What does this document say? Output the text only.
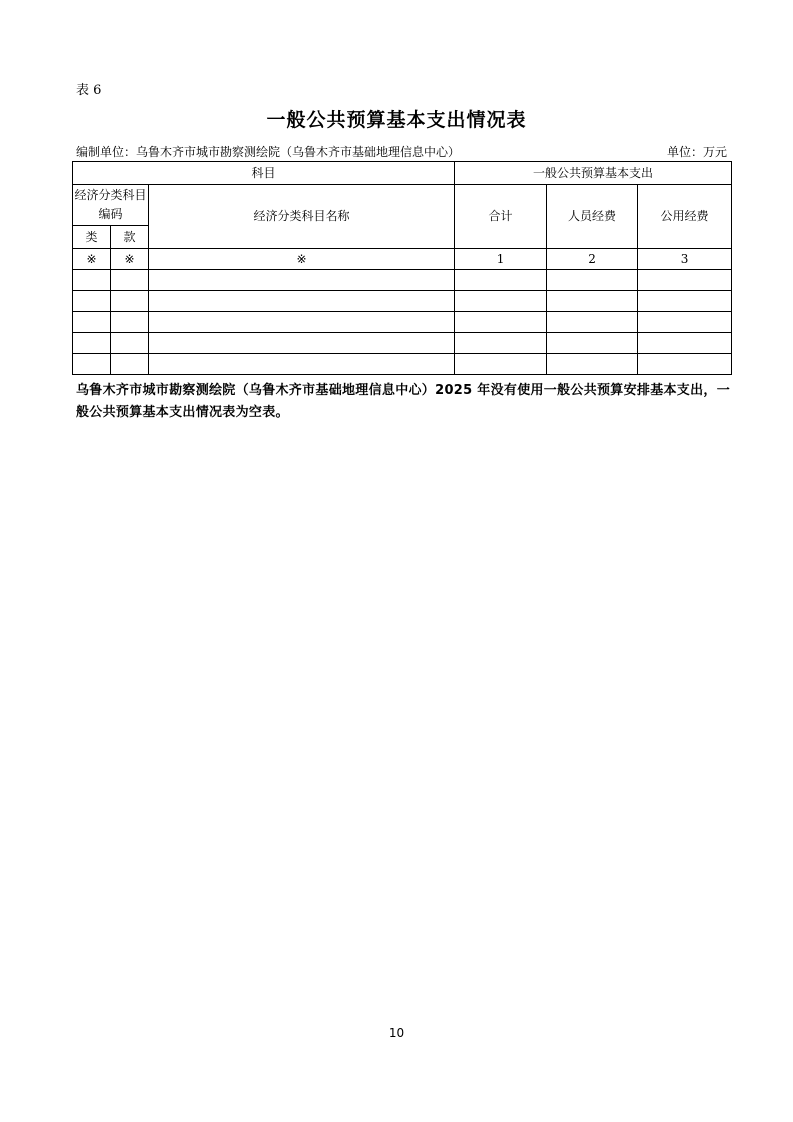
表 6
一般公共预算基本支出情况表
编制单位：乌鲁木齐市城市勘察测绘院（乌鲁木齐市基础地理信息中心）	单位：万元
科目			一般公共预算基本支出		
经济分类科目编码		经济分类科目名称	合计	人员经费	公用经费
类	款				
※	※	※	1	2	3

乌鲁木齐市城市勘察测绘院（乌鲁木齐市基础地理信息中心）2025 年没有使用一般公共预算安排基本支出，一般公共预算基本支出情况表为空表。
10
